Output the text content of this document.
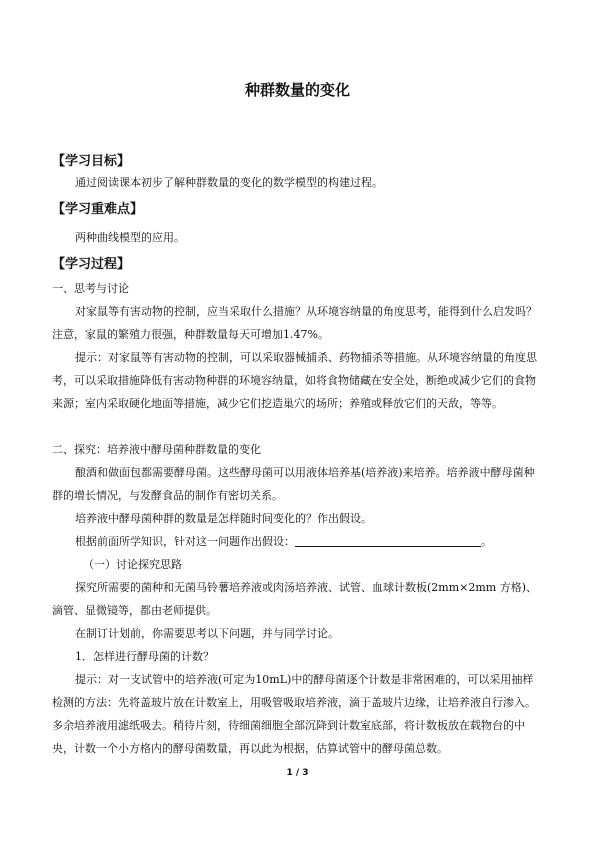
种群数量的变化
【学习目标】
通过阅读课本初步了解种群数量的变化的数学模型的构建过程。
【学习重难点】
两种曲线模型的应用。
【学习过程】
一、思考与讨论
对家鼠等有害动物的控制，应当采取什么措施？从环境容纳量的角度思考，能得到什么启发吗？注意，家鼠的繁殖力很强，种群数量每天可增加1.47%。
提示：对家鼠等有害动物的控制，可以采取器械捕杀、药物捕杀等措施。从环境容纳量的角度思考，可以采取措施降低有害动物种群的环境容纳量，如将食物储藏在安全处，断绝或减少它们的食物来源；室内采取硬化地面等措施，减少它们挖造巢穴的场所；养殖或释放它们的天敌，等等。
二、探究：培养液中酵母菌种群数量的变化
酿酒和做面包都需要酵母菌。这些酵母菌可以用液体培养基(培养液)来培养。培养液中酵母菌种群的增长情况，与发酵食品的制作有密切关系。
培养液中酵母菌种群的数量是怎样随时间变化的？作出假设。
根据前面所学知识，针对这一问题作出假设：	。
（一）讨论探究思路
探究所需要的菌种和无菌马铃薯培养液或肉汤培养液、试管、血球计数板(2mm×2mm 方格)、滴管、显微镜等，都由老师提供。
在制订计划前，你需要思考以下问题，并与同学讨论。
1．怎样进行酵母菌的计数？
提示：对一支试管中的培养液(可定为10mL)中的酵母菌逐个计数是非常困难的，可以采用抽样检测的方法：先将盖玻片放在计数室上，用吸管吸取培养液，滴于盖玻片边缘，让培养液自行渗入。多余培养液用滤纸吸去。稍待片刻，待细菌细胞全部沉降到计数室底部，将计数板放在载物台的中央，计数一个小方格内的酵母菌数量，再以此为根据，估算试管中的酵母菌总数。
1 / 3
